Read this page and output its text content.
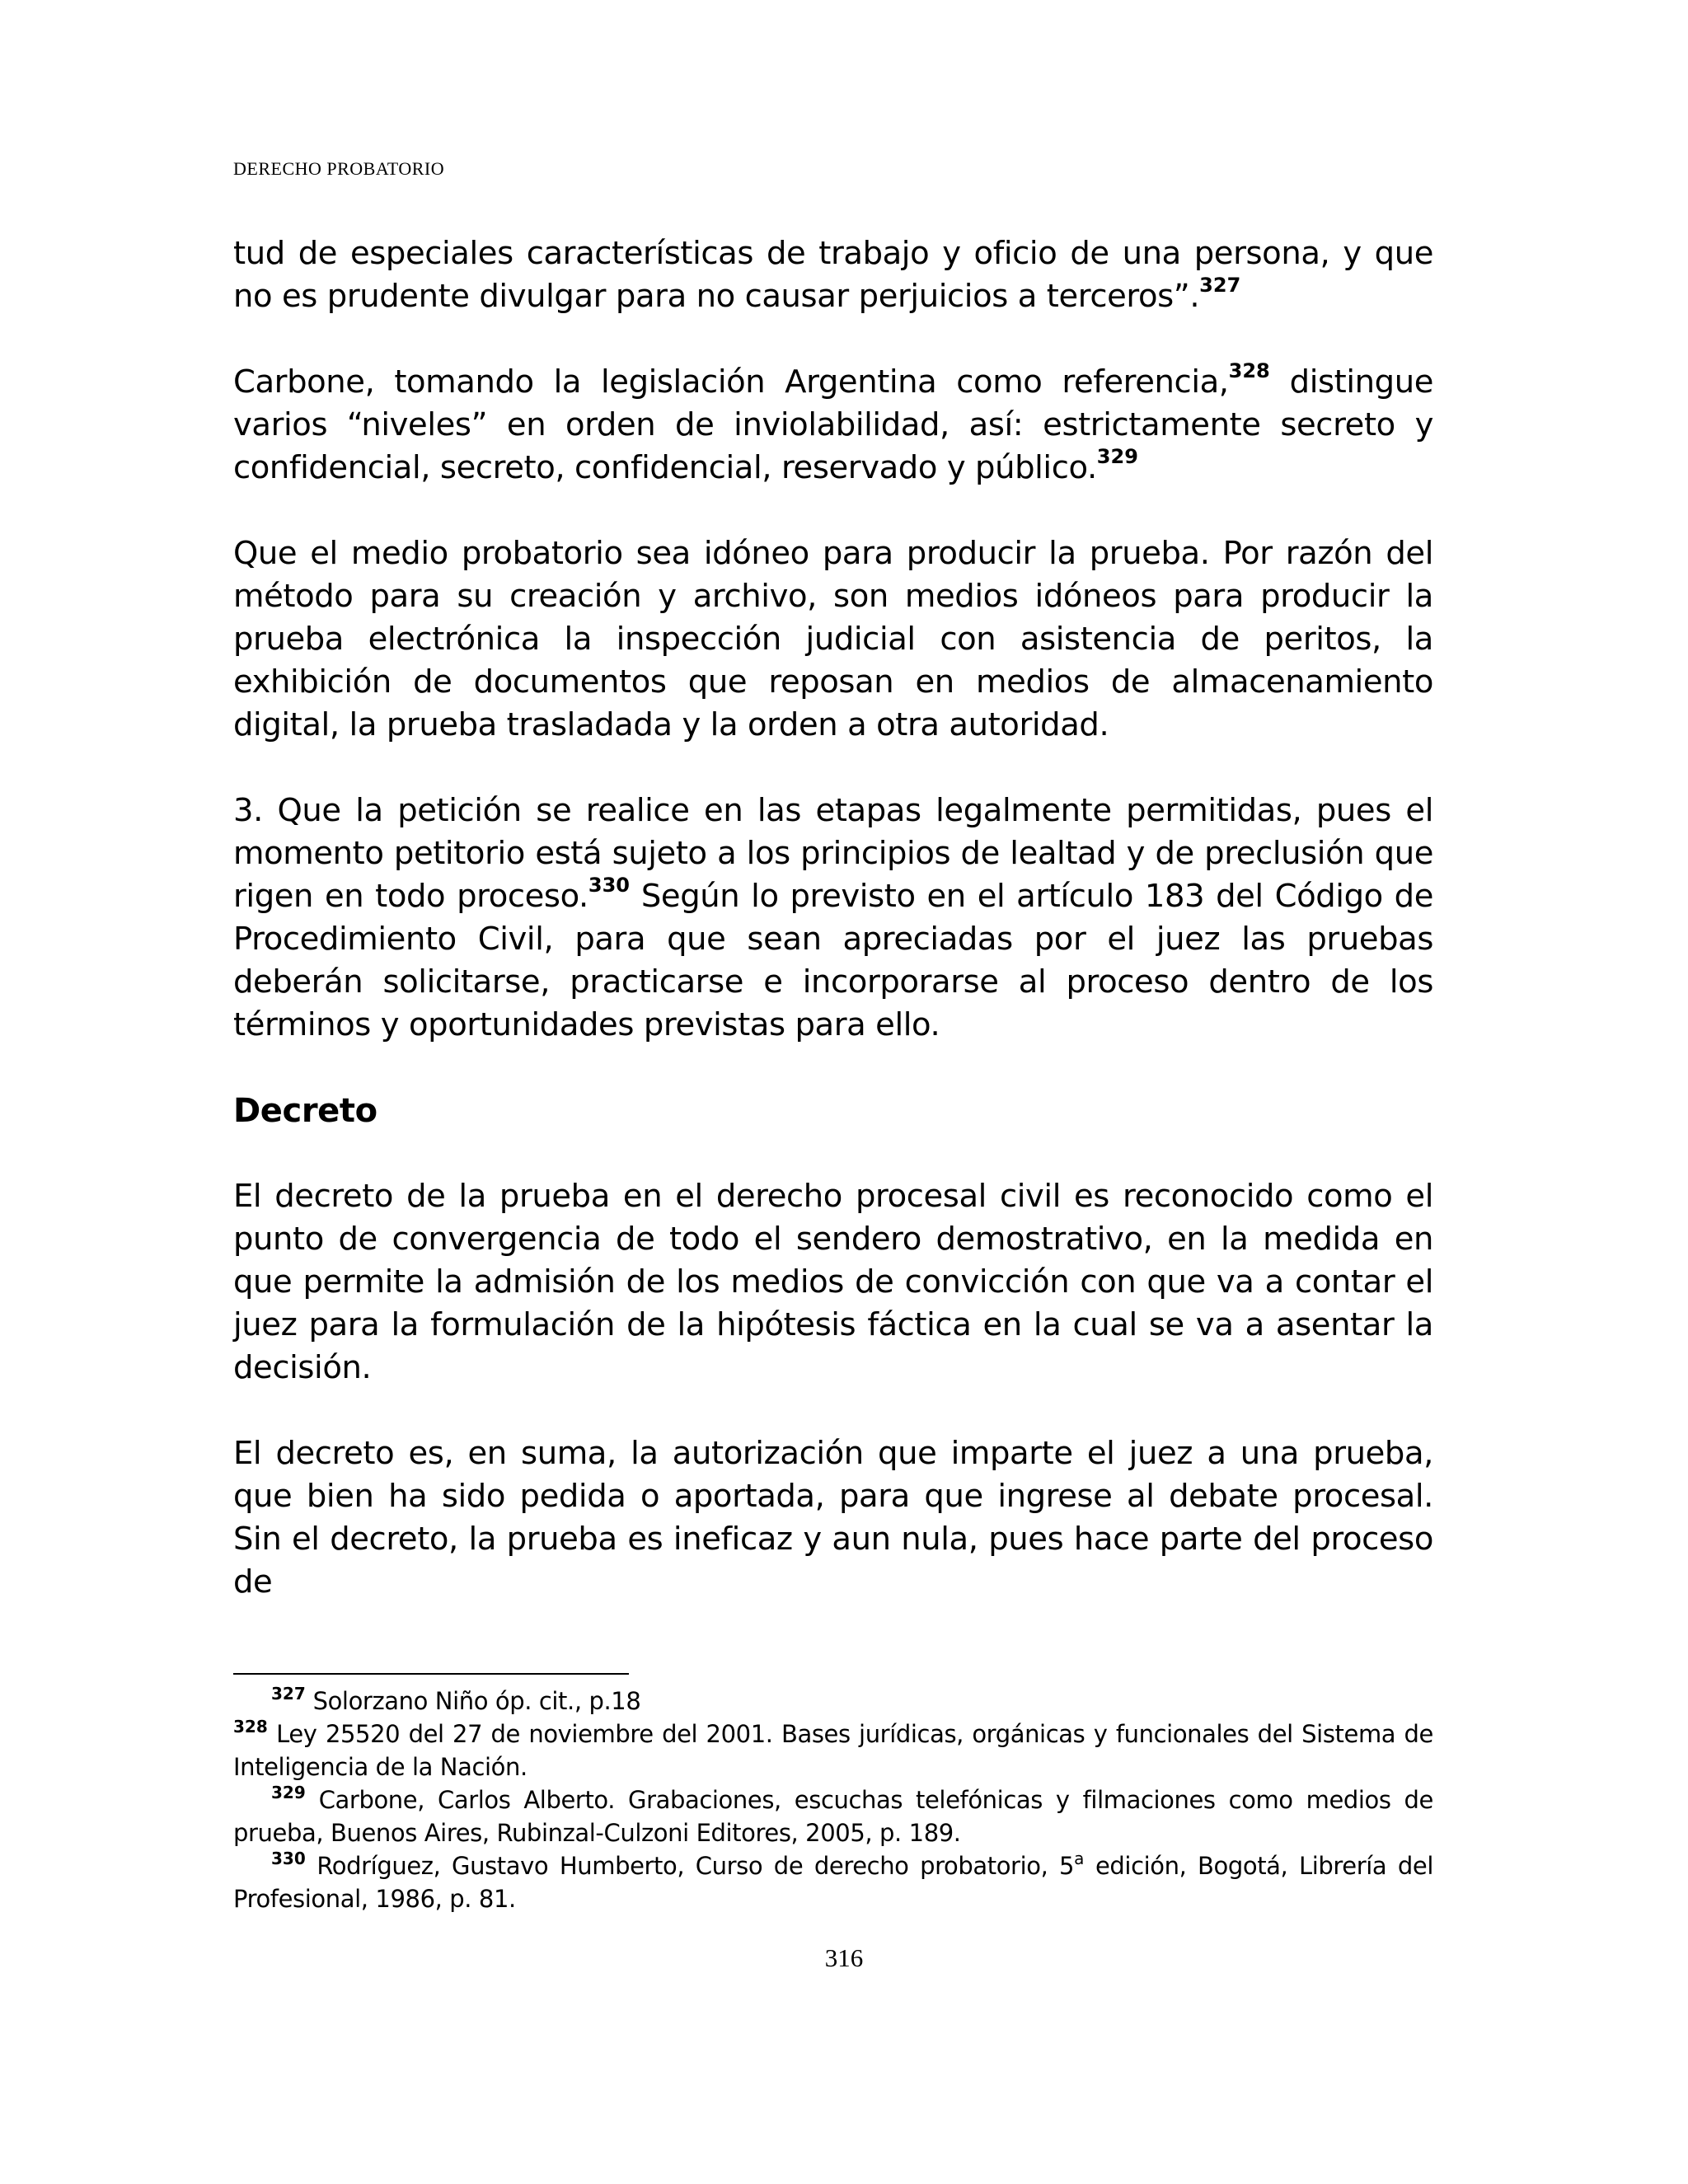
DERECHO PROBATORIO

tud de especiales características de trabajo y oficio de una persona, y que no es prudente divulgar para no causar perjuicios a terceros”.$^{327}$

Carbone, tomando la legislación Argentina como referencia,$^{328}$ distingue varios “niveles” en orden de inviolabilidad, así: estrictamente secreto y confidencial, secreto, confidencial, reservado y público.$^{329}$

Que el medio probatorio sea idóneo para producir la prueba. Por razón del método para su creación y archivo, son medios idóneos para producir la prueba electrónica la inspección judicial con asistencia de peritos, la exhibición de documentos que reposan en medios de almacenamiento digital, la prueba trasladada y la orden a otra autoridad.

3. Que la petición se realice en las etapas legalmente permitidas, pues el momento petitorio está sujeto a los principios de lealtad y de preclusión que rigen en todo proceso.$^{330}$ Según lo previsto en el artículo 183 del Código de Procedimiento Civil, para que sean apreciadas por el juez las pruebas deberán solicitarse, practicarse e incorporarse al proceso dentro de los términos y oportunidades previstas para ello.

Decreto

El decreto de la prueba en el derecho procesal civil es reconocido como el punto de convergencia de todo el sendero demostrativo, en la medida en que permite la admisión de los medios de convicción con que va a contar el juez para la formulación de la hipótesis fáctica en la cual se va a asentar la decisión.

El decreto es, en suma, la autorización que imparte el juez a una prueba, que bien ha sido pedida o aportada, para que ingrese al debate procesal. Sin el decreto, la prueba es ineficaz y aun nula, pues hace parte del proceso de

$^{327}$ Solorzano Niño óp. cit., p.18

$^{328}$ Ley 25520 del 27 de noviembre del 2001. Bases jurídicas, orgánicas y funcionales del Sistema de Inteligencia de la Nación.

$^{329}$ Carbone, Carlos Alberto. Grabaciones, escuchas telefónicas y filmaciones como medios de prueba, Buenos Aires, Rubinzal-Culzoni Editores, 2005, p. 189.

$^{330}$ Rodríguez, Gustavo Humberto, Curso de derecho probatorio, 5$^a$ edición, Bogotá, Librería del Profesional, 1986, p. 81.

316
